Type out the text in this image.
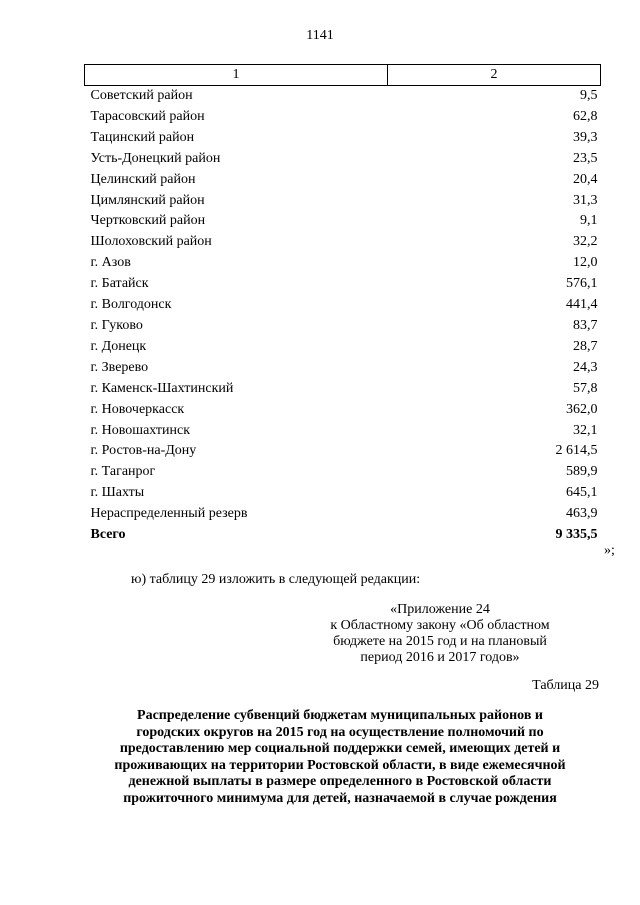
1141
1	2
Советский район	9,5
Тарасовский район	62,8
Тацинский район	39,3
Усть-Донецкий район	23,5
Целинский район	20,4
Цимлянский район	31,3
Чертковский район	9,1
Шолоховский район	32,2
г. Азов	12,0
г. Батайск	576,1
г. Волгодонск	441,4
г. Гуково	83,7
г. Донецк	28,7
г. Зверево	24,3
г. Каменск-Шахтинский	57,8
г. Новочеркасск	362,0
г. Новошахтинск	32,1
г. Ростов-на-Дону	2 614,5
г. Таганрог	589,9
г. Шахты	645,1
Нераспределенный резерв	463,9
Всего	9 335,5
»;
ю) таблицу 29 изложить в следующей редакции:
«Приложение 24
к Областному закону «Об областном
бюджете на 2015 год и на плановый
период 2016 и 2017 годов»
Таблица 29
Распределение субвенций бюджетам муниципальных районов и
городских округов на 2015 год на осуществление полномочий по
предоставлению мер социальной поддержки семей, имеющих детей и
проживающих на территории Ростовской области, в виде ежемесячной
денежной выплаты в размере определенного в Ростовской области
прожиточного минимума для детей, назначаемой в случае рождения
